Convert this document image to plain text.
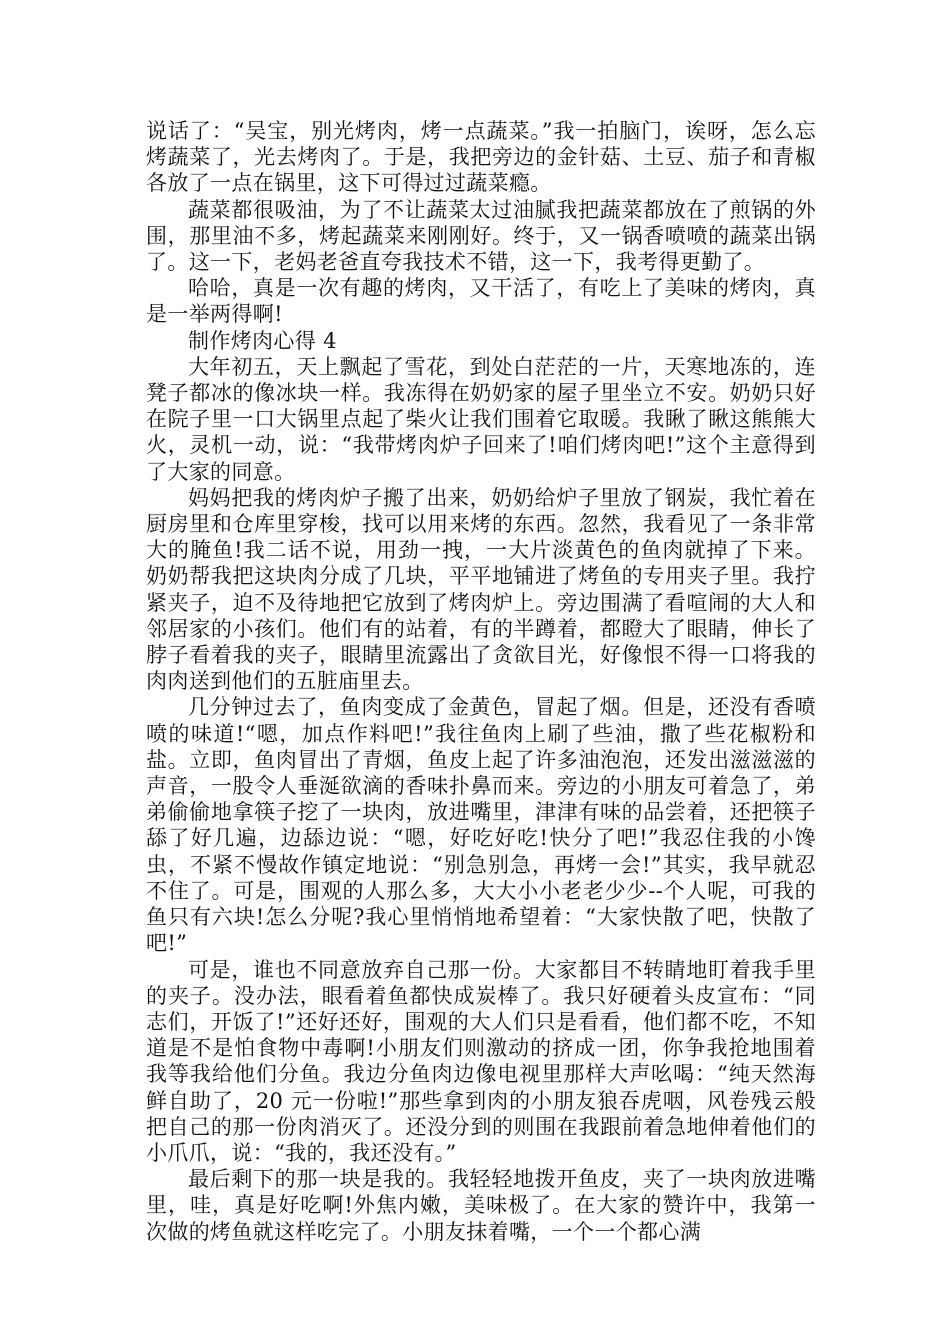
说话了：“吴宝，别光烤肉，烤一点蔬菜。”我一拍脑门，诶呀，怎么忘烤蔬菜了，光去烤肉了。于是，我把旁边的金针菇、土豆、茄子和青椒各放了一点在锅里，这下可得过过蔬菜瘾。

蔬菜都很吸油，为了不让蔬菜太过油腻我把蔬菜都放在了煎锅的外围，那里油不多，烤起蔬菜来刚刚好。终于，又一锅香喷喷的蔬菜出锅了。这一下，老妈老爸直夸我技术不错，这一下，我考得更勤了。

哈哈，真是一次有趣的烤肉，又干活了，有吃上了美味的烤肉，真是一举两得啊!

制作烤肉心得 4

大年初五，天上飘起了雪花，到处白茫茫的一片，天寒地冻的，连凳子都冰的像冰块一样。我冻得在奶奶家的屋子里坐立不安。奶奶只好在院子里一口大锅里点起了柴火让我们围着它取暖。我瞅了瞅这熊熊大火，灵机一动，说：“我带烤肉炉子回来了!咱们烤肉吧!”这个主意得到了大家的同意。

妈妈把我的烤肉炉子搬了出来，奶奶给炉子里放了钢炭，我忙着在厨房里和仓库里穿梭，找可以用来烤的东西。忽然，我看见了一条非常大的腌鱼!我二话不说，用劲一拽，一大片淡黄色的鱼肉就掉了下来。奶奶帮我把这块肉分成了几块，平平地铺进了烤鱼的专用夹子里。我拧紧夹子，迫不及待地把它放到了烤肉炉上。旁边围满了看喧闹的大人和邻居家的小孩们。他们有的站着，有的半蹲着，都瞪大了眼睛，伸长了脖子看着我的夹子，眼睛里流露出了贪欲目光，好像恨不得一口将我的肉肉送到他们的五脏庙里去。

几分钟过去了，鱼肉变成了金黄色，冒起了烟。但是，还没有香喷喷的味道!“嗯，加点作料吧!”我往鱼肉上刷了些油，撒了些花椒粉和盐。立即，鱼肉冒出了青烟，鱼皮上起了许多油泡泡，还发出滋滋滋的声音，一股令人垂涎欲滴的香味扑鼻而来。旁边的小朋友可着急了，弟弟偷偷地拿筷子挖了一块肉，放进嘴里，津津有味的品尝着，还把筷子舔了好几遍，边舔边说：“嗯，好吃好吃!快分了吧!”我忍住我的小馋虫，不紧不慢故作镇定地说：“别急别急，再烤一会!”其实，我早就忍不住了。可是，围观的人那么多，大大小小老老少少--个人呢，可我的鱼只有六块!怎么分呢?我心里悄悄地希望着：“大家快散了吧，快散了吧!”

可是，谁也不同意放弃自己那一份。大家都目不转睛地盯着我手里的夹子。没办法，眼看着鱼都快成炭棒了。我只好硬着头皮宣布：“同志们，开饭了!”还好还好，围观的大人们只是看看，他们都不吃，不知道是不是怕食物中毒啊!小朋友们则激动的挤成一团，你争我抢地围着我等我给他们分鱼。我边分鱼肉边像电视里那样大声吆喝：“纯天然海鲜自助了，20 元一份啦!”那些拿到肉的小朋友狼吞虎咽，风卷残云般把自己的那一份肉消灭了。还没分到的则围在我跟前着急地伸着他们的小爪爪，说：“我的，我还没有。”

最后剩下的那一块是我的。我轻轻地拨开鱼皮，夹了一块肉放进嘴里，哇，真是好吃啊!外焦内嫩，美味极了。在大家的赞许中，我第一次做的烤鱼就这样吃完了。小朋友抹着嘴，一个一个都心满
